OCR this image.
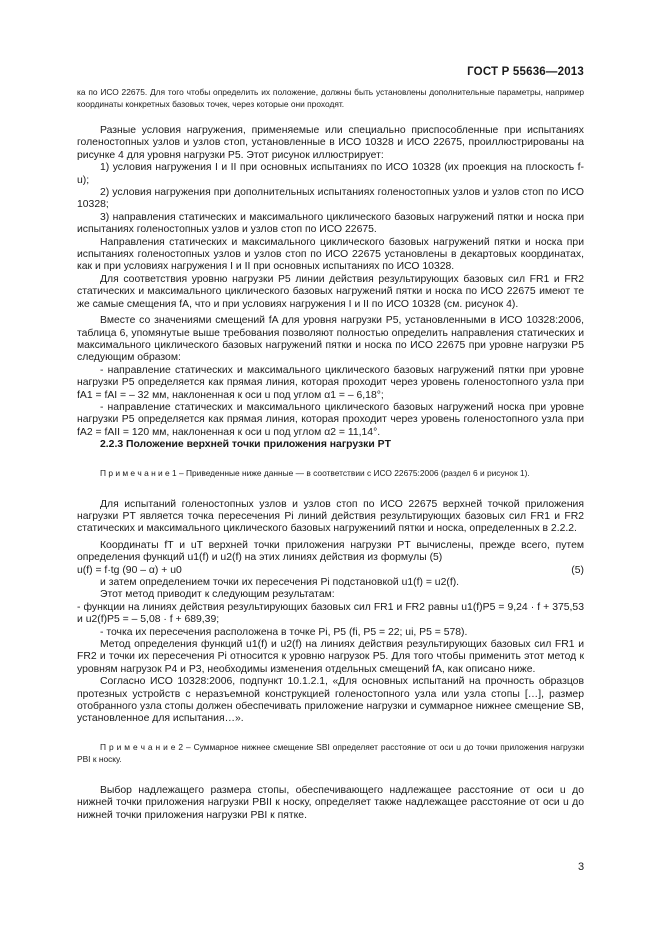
ГОСТ Р 55636—2013

ка по ИСО 22675. Для того чтобы определить их положение, должны быть установлены дополнительные параметры, например координаты конкретных базовых точек, через которые они проходят.

Разные условия нагружения, применяемые или специально приспособленные при испытаниях голеностопных узлов и узлов стоп, установленные в ИСО 10328 и ИСО 22675, проиллюстрированы на рисунке 4 для уровня нагрузки P5. Этот рисунок иллюстрирует:

1) условия нагружения I и II при основных испытаниях по ИСО 10328 (их проекция на плоскость f-u);

2) условия нагружения при дополнительных испытаниях голеностопных узлов и узлов стоп по ИСО 10328;

3) направления статических и максимального циклического базовых нагружений пятки и носка при испытаниях голеностопных узлов и узлов стоп по ИСО 22675.

Направления статических и максимального циклического базовых нагружений пятки и носка при испытаниях голеностопных узлов и узлов стоп по ИСО 22675 установлены в декартовых координатах, как и при условиях нагружения I и II при основных испытаниях по ИСО 10328.

Для соответствия уровню нагрузки P5 линии действия результирующих базовых сил FR1 и FR2 статических и максимального циклического базовых нагружений пятки и носка по ИСО 22675 имеют те же самые смещения fA, что и при условиях нагружения I и II по ИСО 10328 (см. рисунок 4).

Вместе со значениями смещений fA для уровня нагрузки P5, установленными в ИСО 10328:2006, таблица 6, упомянутые выше требования позволяют полностью определить направления статических и максимального циклического базовых нагружений пятки и носка по ИСО 22675 при уровне нагрузки P5 следующим образом:

- направление статических и максимального циклического базовых нагружений пятки при уровне нагрузки P5 определяется как прямая линия, которая проходит через уровень голеностопного узла при fA1 = fAI = – 32 мм, наклоненная к оси u под углом α1 = – 6,18°;

- направление статических и максимального циклического базовых нагружений носка при уровне нагрузки P5 определяется как прямая линия, которая проходит через уровень голеностопного узла при fA2 = fAII = 120 мм, наклоненная к оси u под углом α2 = 11,14°.

2.2.3 Положение верхней точки приложения нагрузки PT

П р и м е ч а н и е 1 – Приведенные ниже данные — в соответствии с ИСО 22675:2006 (раздел 6 и рисунок 1).

Для испытаний голеностопных узлов и узлов стоп по ИСО 22675 верхней точкой приложения нагрузки PT является точка пересечения Pi линий действия результирующих базовых сил FR1 и FR2 статических и максимального циклического базовых нагружениий пятки и носка, определенных в 2.2.2.

Координаты fT и uT верхней точки приложения нагрузки PT вычислены, прежде всего, путем определения функций u1(f) и u2(f) на этих линиях действия из формулы (5)

u(f) = f·tg (90 – α) + u0	(5)

и затем определением точки их пересечения Pi подстановкой u1(f) = u2(f).

Этот метод приводит к следующим результатам:

- функции на линиях действия результирующих базовых сил FR1 и FR2 равны u1(f)P5 = 9,24 · f + 375,53 и u2(f)P5 = – 5,08 · f + 689,39;

- точка их пересечения расположена в точке Pi, P5 (fi, P5 = 22; ui, P5 = 578).

Метод определения функций u1(f) и u2(f) на линиях действия результирующих базовых сил FR1 и FR2 и точки их пересечения Pi относится к уровню нагрузок P5. Для того чтобы применить этот метод к уровням нагрузок P4 и P3, необходимы изменения отдельных смещений fA, как описано ниже.

Согласно ИСО 10328:2006, подпункт 10.1.2.1, «Для основных испытаний на прочность образцов протезных устройств с неразъемной конструкцией голеностопного узла или узла стопы […], размер отобранного узла стопы должен обеспечивать приложение нагрузки и суммарное нижнее смещение SB, установленное для испытания…».

П р и м е ч а н и е 2 – Суммарное нижнее смещение SBI определяет расстояние от оси u до точки приложения нагрузки PBI к носку.

Выбор надлежащего размера стопы, обеспечивающего надлежащее расстояние от оси u до нижней точки приложения нагрузки PBII к носку, определяет также надлежащее расстояние от оси u до нижней точки приложения нагрузки PBI к пятке.

3
